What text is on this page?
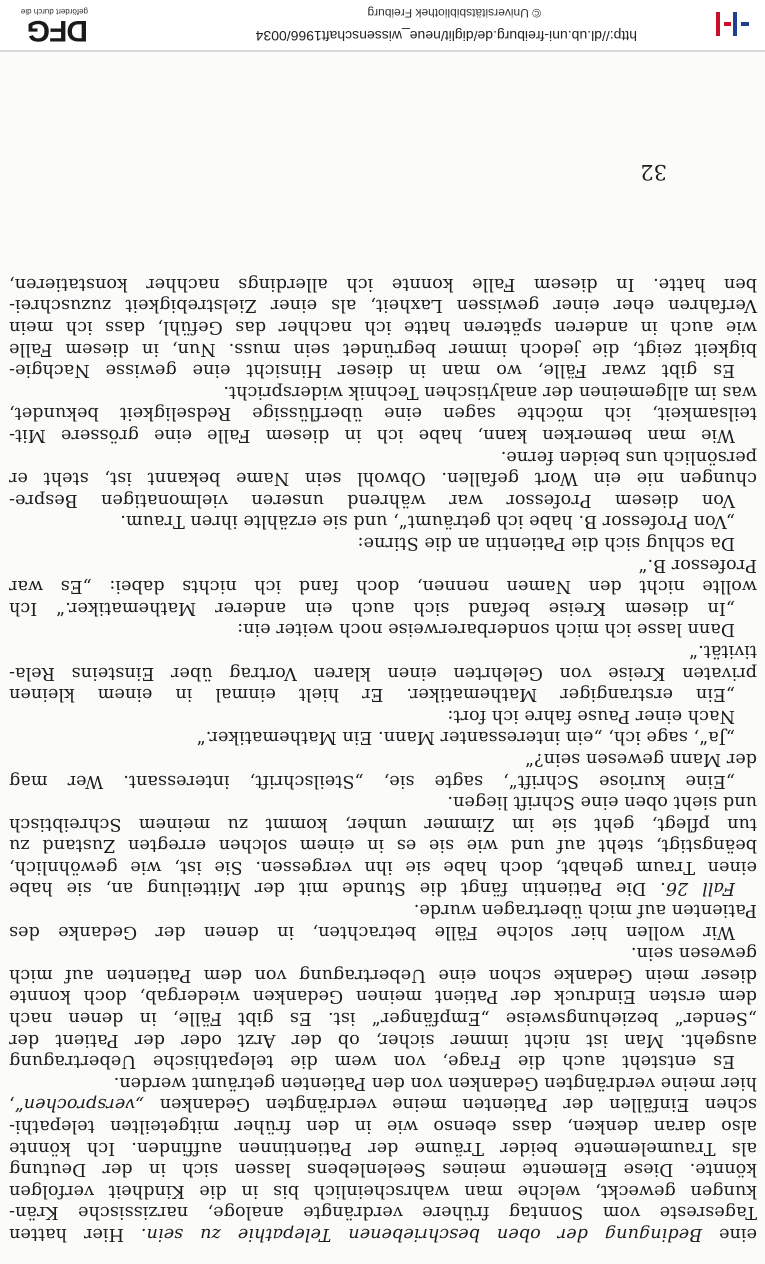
eine Bedingung der oben beschriebenen Telepathie zu sein. Hier hatten
Tagesreste vom Sonntag frühere verdrängte analoge, narzissische Krän-
kungen geweckt, welche man wahrscheinlich bis in die Kindheit verfolgen
könnte. Diese Elemente meines Seelenlebens lassen sich in der Deutung
als Traumelemente beider Träume der Patientinnen auffinden. Ich könnte
also daran denken, dass ebenso wie in den früher mitgeteilten telepathi-
schen Einfällen der Patienten meine verdrängten Gedanken „versprochen“,
hier meine verdrängten Gedanken von den Patienten geträumt werden.
Es entsteht auch die Frage, von wem die telepathische Uebertragung
ausgeht. Man ist nicht immer sicher, ob der Arzt oder der Patient der
„Sender“ beziehungsweise „Empfänger“ ist. Es gibt Fälle, in denen nach
dem ersten Eindruck der Patient meinen Gedanken wiedergab, doch konnte
dieser mein Gedanke schon eine Uebertragung von dem Patienten auf mich
gewesen sein.
Wir wollen hier solche Fälle betrachten, in denen der Gedanke des
Patienten auf mich übertragen wurde.
Fall 26. Die Patientin fängt die Stunde mit der Mitteilung an, sie habe
einen Traum gehabt, doch habe sie ihn vergessen. Sie ist, wie gewöhnlich,
beängstigt, steht auf und wie sie es in einem solchen erregten Zustand zu
tun pflegt, geht sie im Zimmer umher, kommt zu meinem Schreibtisch
und sieht oben eine Schrift liegen.
„Eine kuriose Schrift“, sagte sie, „Steilschrift, interessant. Wer mag
der Mann gewesen sein?“
„Ja“, sage ich, „ein interessanter Mann. Ein Mathematiker.“
Nach einer Pause fahre ich fort:
„Ein erstrangiger Mathematiker. Er hielt einmal in einem kleinen
privaten Kreise von Gelehrten einen klaren Vortrag über Einsteins Rela-
tivität.“
Dann lasse ich mich sonderbarerweise noch weiter ein:
„In diesem Kreise befand sich auch ein anderer Mathematiker.“ Ich
wollte nicht den Namen nennen, doch fand ich nichts dabei: „Es war
Professor B.“
Da schlug sich die Patientin an die Stirne:
„Von Professor B. habe ich geträumt“, und sie erzählte ihren Traum.
Von diesem Professor war während unseren vielmonatigen Bespre-
chungen nie ein Wort gefallen. Obwohl sein Name bekannt ist, steht er
persönlich uns beiden ferne.
Wie man bemerken kann, habe ich in diesem Falle eine grössere Mit-
teilsamkeit, ich möchte sagen eine überflüssige Redseligkeit bekundet,
was im allgemeinen der analytischen Technik widerspricht.
Es gibt zwar Fälle, wo man in dieser Hinsicht eine gewisse Nachgie-
bigkeit zeigt, die jedoch immer begründet sein muss. Nun, in diesem Falle
wie auch in anderen späteren hatte ich nachher das Gefühl, dass ich mein
Verfahren eher einer gewissen Laxheit, als einer Zielstrebigkeit zuzuschrei-
ben hatte. In diesem Falle konnte ich allerdings nachher konstatieren,
32
http://dl.ub.uni-freiburg.de/diglit/neue_wissenschaft1966/0034
© Universitätsbibliothek Freiburg
DFG
gefördert durch die
